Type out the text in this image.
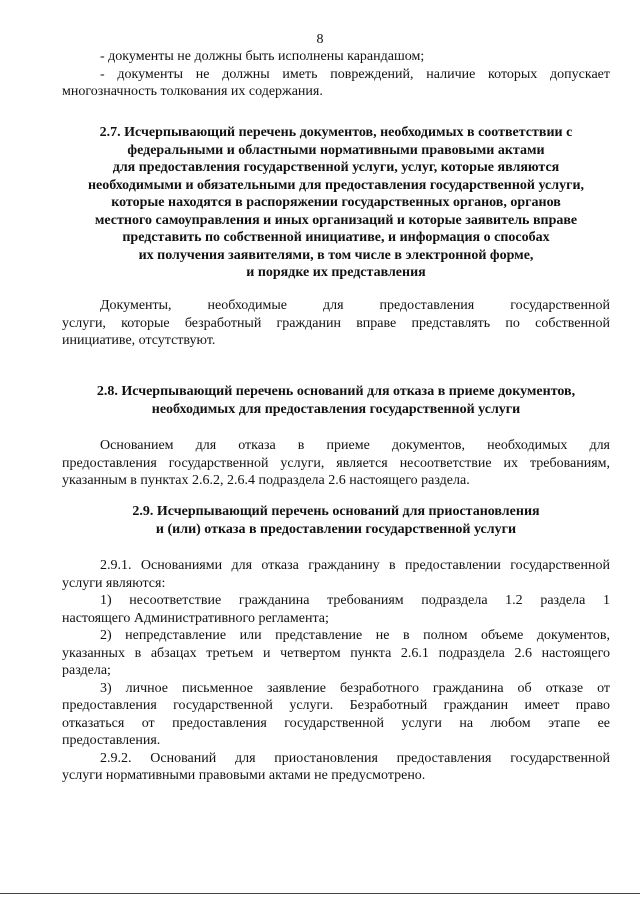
8
- документы не должны быть исполнены карандашом;
- документы не должны иметь повреждений, наличие которых допускает
многозначность толкования их содержания.
2.7. Исчерпывающий перечень документов, необходимых в соответствии с
федеральными и областными нормативными правовыми актами
для предоставления государственной услуги, услуг, которые являются
необходимыми и обязательными для предоставления государственной услуги,
которые находятся в распоряжении государственных органов, органов
местного самоуправления и иных организаций и которые заявитель вправе
представить по собственной инициативе, и информация о способах
их получения заявителями, в том числе в электронной форме,
и порядке их представления
Документы, необходимые для предоставления государственной
услуги, которые безработный гражданин вправе представлять по собственной
инициативе, отсутствуют.
2.8. Исчерпывающий перечень оснований для отказа в приеме документов,
необходимых для предоставления государственной услуги
Основанием для отказа в приеме документов, необходимых для
предоставления государственной услуги, является несоответствие их требованиям,
указанным в пунктах 2.6.2, 2.6.4 подраздела 2.6 настоящего раздела.
2.9. Исчерпывающий перечень оснований для приостановления
и (или) отказа в предоставлении государственной услуги
2.9.1. Основаниями для отказа гражданину в предоставлении государственной
услуги являются:
1) несоответствие гражданина требованиям подраздела 1.2 раздела 1
настоящего Административного регламента;
2) непредставление или представление не в полном объеме документов,
указанных в абзацах третьем и четвертом пункта 2.6.1 подраздела 2.6 настоящего
раздела;
3) личное письменное заявление безработного гражданина об отказе от
предоставления государственной услуги. Безработный гражданин имеет право
отказаться от предоставления государственной услуги на любом этапе ее
предоставления.
2.9.2. Оснований для приостановления предоставления государственной
услуги нормативными правовыми актами не предусмотрено.
